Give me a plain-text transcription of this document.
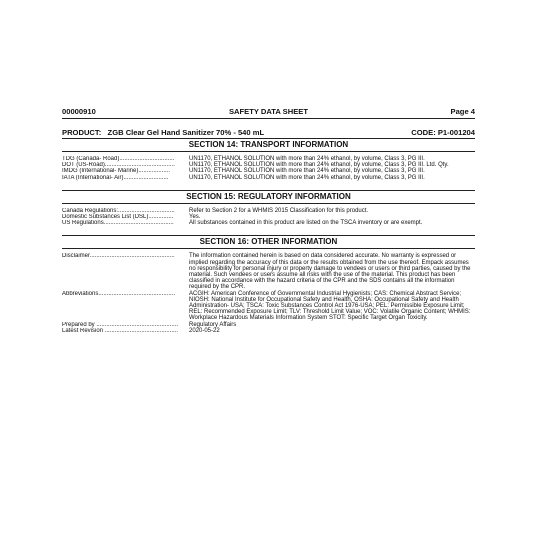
00000910	SAFETY DATA SHEET	Page 4
PRODUCT:   ZGB Clear Gel Hand Sanitizer 70% - 540 mL	CODE: P1-001204
SECTION 14: TRANSPORT INFORMATION
TDG (Canada- Road).................................	UN1170, ETHANOL SOLUTION with more than 24% ethanol, by volume, Class 3, PG III.
DOT (US-Road)..........................................	UN1170, ETHANOL SOLUTION with more than 24% ethanol, by volume, Class 3, PG III. Ltd. Qty.
IMDG (International- Marine)...................	UN1170, ETHANOL SOLUTION with more than 24% ethanol, by volume, Class 3, PG III.
IATA (International- Air)...........................	UN1170, ETHANOL SOLUTION with more than 24% ethanol, by volume, Class 3, PG III.
SECTION 15: REGULATORY INFORMATION
Canada Regulations:..................................	Refer to Section 2 for a WHMIS 2015 Classification for this product.
Domestic Substances List (DSL)...............	Yes.
US Regulations..........................................	All substances contained in this product are listed on the TSCA inventory or are exempt.
SECTION 16: OTHER INFORMATION
Disclaimer...................................................	The information contained herein is based on data considered accurate. No warranty is expressed or implied regarding the accuracy of this data or the results obtained from the use thereof. Empack assumes no responsibility for personal injury or property damage to vendees or users or third parties, caused by the material. Such vendees or users assume all risks with the use of the material. This product has been classified in accordance with the hazard criteria of the CPR and the SDS contains all the information required by the CPR.
Abbreviations..............................................	ACGIH: American Conference of Governmental Industrial Hygienists; CAS: Chemical Abstract Service; NIOSH: National Institute for Occupational Safety and Health, OSHA: Occupational Safety and Health Administration- USA; TSCA: Toxic Substances Control Act 1976-USA; PEL: Permissible Exposure Limit; REL: Recommended Exposure Limit; TLV: Threshold Limit Value; VOC: Volatile Organic Content; WHMIS: Workplace Hazardous Materials Information System STOT: Specific Target Organ Toxicity.
Prepared by .................................................	Regulatory Affairs
Latest Revision ............................................	2020-05-22
